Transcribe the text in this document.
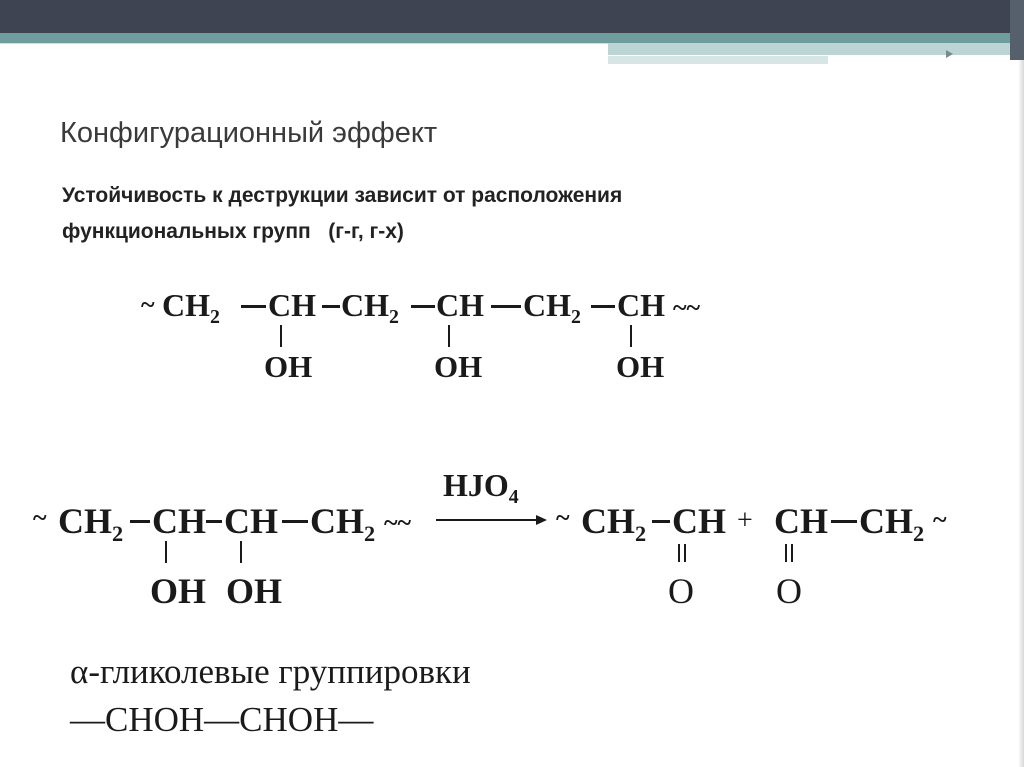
Конфигурационный эффект
Устойчивость к деструкции зависит от расположения
функциональных групп   (г-г, г-х)
~ $CH_2$ CH $CH_2$ CH $CH_2$ CH ~~
OH	OH	OH
~ $CH_2$ CH CH $CH_2$ ~~
OH OH
$HJO_4$
~ $CH_2$ CH + CH $CH_2$ ~
O O
α-гликолевые группировки
—CHOH—CHOH—
